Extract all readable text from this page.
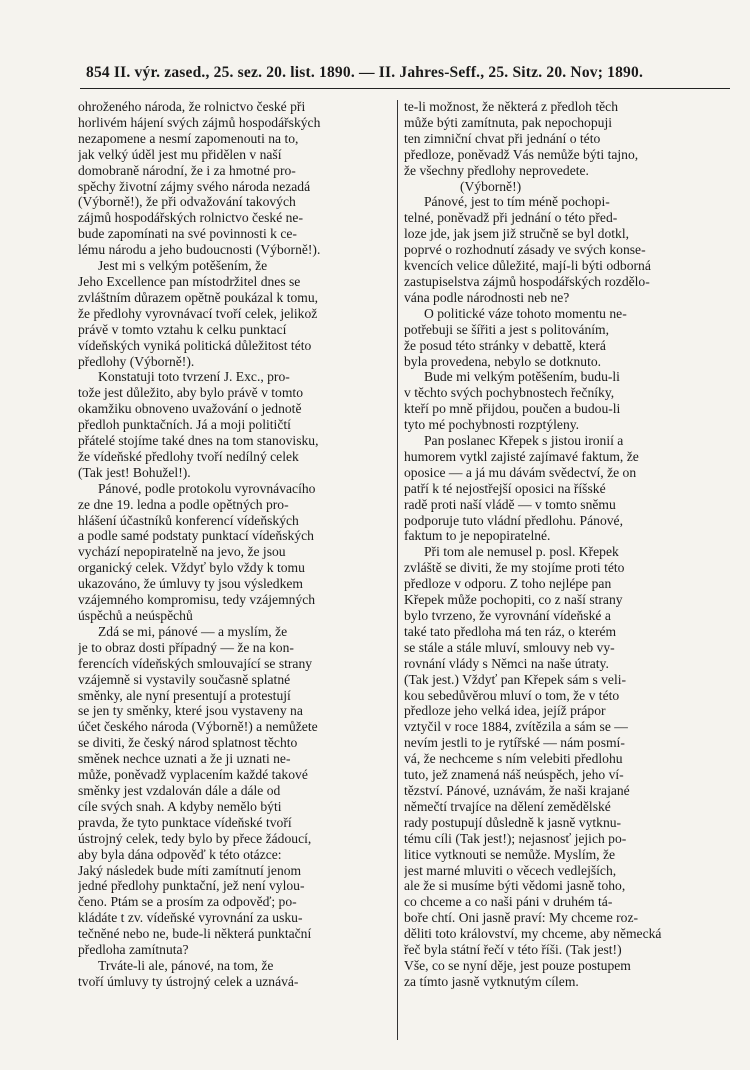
854 II. výr. zased., 25. sez. 20. list. 1890. — II. Jahres-Seff., 25. Sitz. 20. Nov; 1890.
ohroženého národa, že rolnictvo české při
horlivém hájení svých zájmů hospodářských
nezapomene a nesmí zapomenouti na to,
jak velký úděl jest mu přidělen v naší
domobraně národní, že i za hmotné pro-
spěchy životní zájmy svého národa nezadá
(Výborně!), že při odvažování takových
zájmů hospodářských rolnictvo české ne-
bude zapomínati na své povinnosti k ce-
lému národu a jeho budoucnosti (Výborně!).
Jest mi s velkým potěšením, že
Jeho Excellence pan místodržitel dnes se
zvláštním důrazem opětně poukázal k tomu,
že předlohy vyrovnávací tvoří celek, jelikož
právě v tomto vztahu k celku punktací
vídeňských vyniká politická důležitost této
předlohy (Výborně!).
Konstatuji toto tvrzení J. Exc., pro-
tože jest důležito, aby bylo právě v tomto
okamžiku obnoveno uvažování o jednotě
předloh punktačních. Já a moji političtí
přátelé stojíme také dnes na tom stanovisku,
že vídeňské předlohy tvoří nedílný celek
(Tak jest! Bohužel!).
Pánové, podle protokolu vyrovnávacího
ze dne 19. ledna a podle opětných pro-
hlášení účastníků konferencí vídeňských
a podle samé podstaty punktací vídeňských
vychází nepopiratelně na jevo, že jsou
organický celek. Vždyť bylo vždy k tomu
ukazováno, že úmluvy ty jsou výsledkem
vzájemného kompromisu, tedy vzájemných
úspěchů a neúspěchů
Zdá se mi, pánové — a myslím, že
je to obraz dosti případný — že na kon-
ferencích vídeňských smlouvající se strany
vzájemně si vystavily současně splatné
směnky, ale nyní presentují a protestují
se jen ty směnky, které jsou vystaveny na
účet českého národa (Výborně!) a nemůžete
se diviti, že český národ splatnost těchto
směnek nechce uznati a že ji uznati ne-
může, poněvadž vyplacením každé takové
směnky jest vzdalován dále a dále od
cíle svých snah. A kdyby nemělo býti
pravda, že tyto punktace vídeňské tvoří
ústrojný celek, tedy bylo by přece žádoucí,
aby byla dána odpověď k této otázce:
Jaký následek bude míti zamítnutí jenom
jedné předlohy punktační, jež není vylou-
čeno. Ptám se a prosím za odpověď; po-
kládáte t zv. vídeňské vyrovnání za usku-
tečněné nebo ne, bude-li některá punktační
předloha zamítnuta?
Trváte-li ale, pánové, na tom, že
tvoří úmluvy ty ústrojný celek a uznává-
te-li možnost, že některá z předloh těch
může býti zamítnuta, pak nepochopuji
ten zimniční chvat při jednání o této
předloze, poněvadž Vás nemůže býti tajno,
že všechny předlohy neprovedete.
(Výborně!)
Pánové, jest to tím méně pochopi-
telné, poněvadž při jednání o této před-
loze jde, jak jsem již stručně se byl dotkl,
poprvé o rozhodnutí zásady ve svých konse-
kvencích velice důležité, mají-li býti odborná
zastupiselstva zájmů hospodářských rozdělo-
vána podle národnosti neb ne?
O politické váze tohoto momentu ne-
potřebuji se šířiti a jest s politováním,
že posud této stránky v debattě, která
byla provedena, nebylo se dotknuto.
Bude mi velkým potěšením, budu-li
v těchto svých pochybnostech řečníky,
kteří po mně přijdou, poučen a budou-li
tyto mé pochybnosti rozptýleny.
Pan poslanec Křepek s jistou ironií a
humorem vytkl zajisté zajímavé faktum, že
oposice — a já mu dávám svědectví, že on
patří k té nejostřejší oposici na říšské
radě proti naší vládě — v tomto sněmu
podporuje tuto vládní předlohu. Pánové,
faktum to je nepopiratelné.
Při tom ale nemusel p. posl. Křepek
zvláště se diviti, že my stojíme proti této
předloze v odporu. Z toho nejlépe pan
Křepek může pochopiti, co z naší strany
bylo tvrzeno, že vyrovnání vídeňské a
také tato předloha má ten ráz, o kterém
se stále a stále mluví, smlouvy neb vy-
rovnání vlády s Němci na naše útraty.
(Tak jest.) Vždyť pan Křepek sám s veli-
kou sebedůvěrou mluví o tom, že v této
předloze jeho velká idea, jejíž prápor
vztyčil v roce 1884, zvítězila a sám se —
nevím jestli to je rytířské — nám posmí-
vá, že nechceme s ním velebiti předlohu
tuto, jež znamená náš neúspěch, jeho ví-
tězství. Pánové, uznávám, že naši krajané
němečtí trvajíce na dělení zemědělské
rady postupují důsledně k jasně vytknu-
tému cíli (Tak jest!); nejasnosť jejich po-
litice vytknouti se nemůže. Myslím, že
jest marné mluviti o věcech vedlejších,
ale že si musíme býti vědomi jasně toho,
co chceme a co naši páni v druhém tá-
boře chtí. Oni jasně praví: My chceme roz-
děliti toto království, my chceme, aby německá
řeč byla státní řečí v této říši. (Tak jest!)
Vše, co se nyní děje, jest pouze postupem
za tímto jasně vytknutým cílem.
